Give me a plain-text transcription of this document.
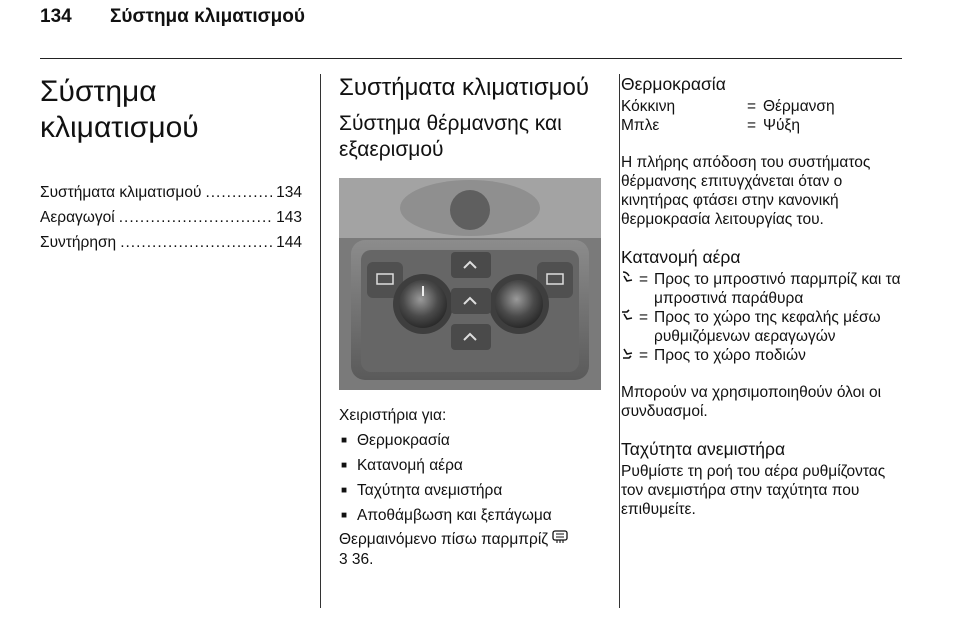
134 Σύστημα κλιματισμού
Σύστημα κλιματισμού
Συστήματα κλιματισμού .....	134
Αεραγωγοί .....	143
Συντήρηση .....	144
Συστήματα κλιματισμού
Σύστημα θέρμανσης και εξαερισμού
Χειριστήρια για:
■ Θερμοκρασία
■ Κατανομή αέρα
■ Ταχύτητα ανεμιστήρα
■ Αποθάμβωση και ξεπάγωμα
Θερμαινόμενο πίσω παρμπρίζ
3 36.
Θερμοκρασία
Κόκκινη	= Θέρμανση
Μπλε	= Ψύξη

Η πλήρης απόδοση του συστήματος θέρμανσης επιτυγχάνεται όταν ο κινητήρας φτάσει στην κανονική θερμοκρασία λειτουργίας του.

Κατανομή αέρα
= Προς το μπροστινό παρμπρίζ και τα μπροστινά παράθυρα
= Προς το χώρο της κεφαλής μέσω ρυθμιζόμενων αεραγωγών
= Προς το χώρο ποδιών

Μπορούν να χρησιμοποιηθούν όλοι οι συνδυασμοί.

Ταχύτητα ανεμιστήρα

Ρυθμίστε τη ροή του αέρα ρυθμίζοντας τον ανεμιστήρα στην ταχύτητα που επιθυμείτε.
